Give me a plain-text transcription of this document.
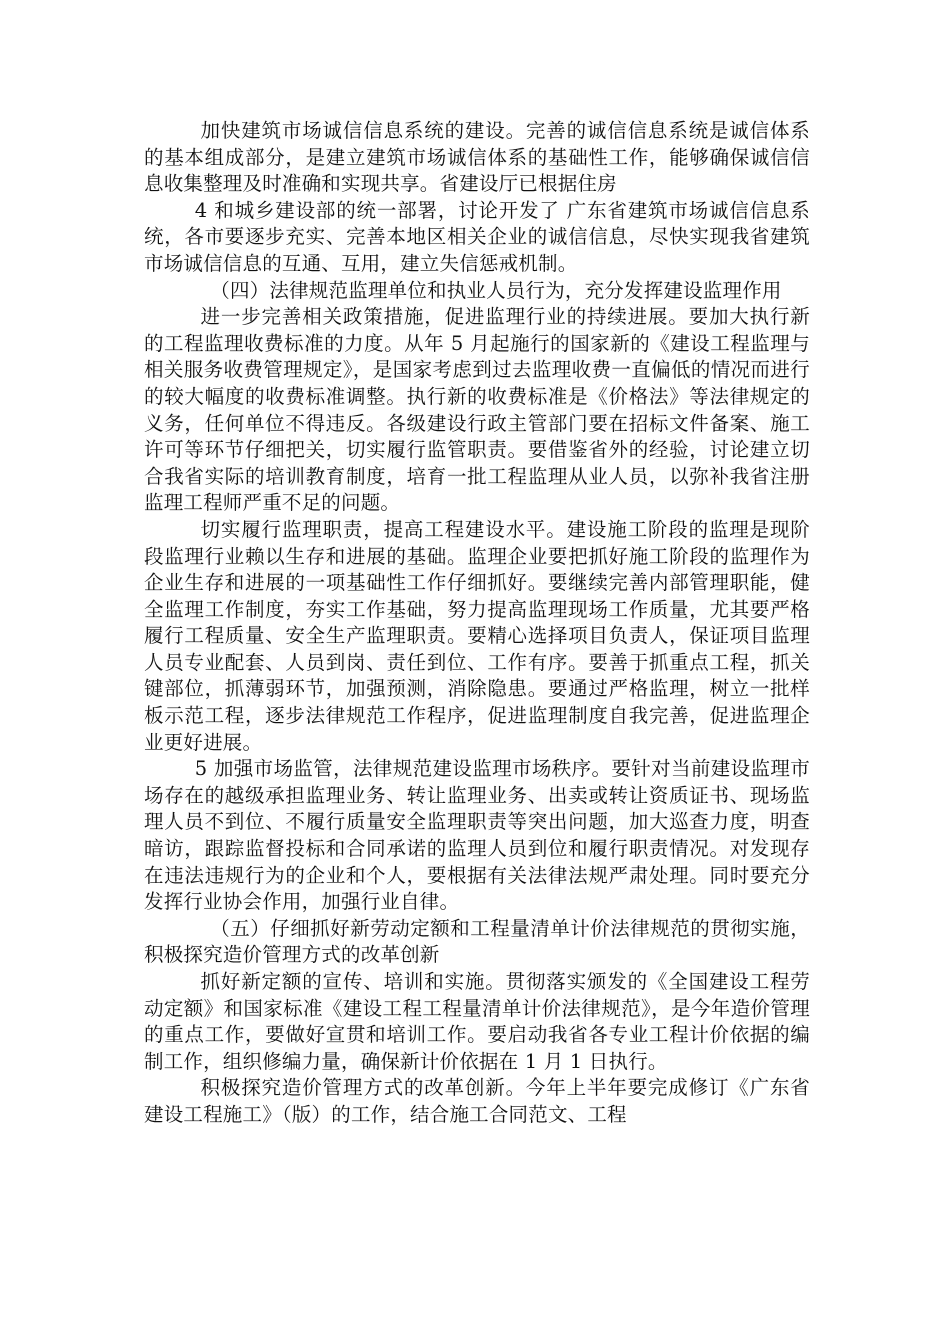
加快建筑市场诚信信息系统的建设。完善的诚信信息系统是诚信体系的基本组成部分，是建立建筑市场诚信体系的基础性工作，能够确保诚信信息收集整理及时准确和实现共享。省建设厅已根据住房

4 和城乡建设部的统一部署，讨论开发了 广东省建筑市场诚信信息系统，各市要逐步充实、完善本地区相关企业的诚信信息，尽快实现我省建筑市场诚信信息的互通、互用，建立失信惩戒机制。

（四）法律规范监理单位和执业人员行为，充分发挥建设监理作用

进一步完善相关政策措施，促进监理行业的持续进展。要加大执行新的工程监理收费标准的力度。从年 5 月起施行的国家新的《建设工程监理与相关服务收费管理规定》，是国家考虑到过去监理收费一直偏低的情况而进行的较大幅度的收费标准调整。执行新的收费标准是《价格法》等法律规定的义务，任何单位不得违反。各级建设行政主管部门要在招标文件备案、施工许可等环节仔细把关，切实履行监管职责。要借鉴省外的经验，讨论建立切合我省实际的培训教育制度，培育一批工程监理从业人员，以弥补我省注册监理工程师严重不足的问题。

切实履行监理职责，提高工程建设水平。建设施工阶段的监理是现阶段监理行业赖以生存和进展的基础。监理企业要把抓好施工阶段的监理作为企业生存和进展的一项基础性工作仔细抓好。要继续完善内部管理职能，健全监理工作制度，夯实工作基础，努力提高监理现场工作质量，尤其要严格履行工程质量、安全生产监理职责。要精心选择项目负责人，保证项目监理人员专业配套、人员到岗、责任到位、工作有序。要善于抓重点工程，抓关键部位，抓薄弱环节，加强预测，消除隐患。要通过严格监理，树立一批样板示范工程，逐步法律规范工作程序，促进监理制度自我完善，促进监理企业更好进展。

5 加强市场监管，法律规范建设监理市场秩序。要针对当前建设监理市场存在的越级承担监理业务、转让监理业务、出卖或转让资质证书、现场监理人员不到位、不履行质量安全监理职责等突出问题，加大巡查力度，明查暗访，跟踪监督投标和合同承诺的监理人员到位和履行职责情况。对发现存在违法违规行为的企业和个人，要根据有关法律法规严肃处理。同时要充分发挥行业协会作用，加强行业自律。

（五）仔细抓好新劳动定额和工程量清单计价法律规范的贯彻实施，积极探究造价管理方式的改革创新

抓好新定额的宣传、培训和实施。贯彻落实颁发的《全国建设工程劳动定额》和国家标准《建设工程工程量清单计价法律规范》，是今年造价管理的重点工作，要做好宣贯和培训工作。要启动我省各专业工程计价依据的编制工作，组织修编力量，确保新计价依据在 1 月 1 日执行。

积极探究造价管理方式的改革创新。今年上半年要完成修订《广东省建设工程施工》（版）的工作，结合施工合同范文、工程
